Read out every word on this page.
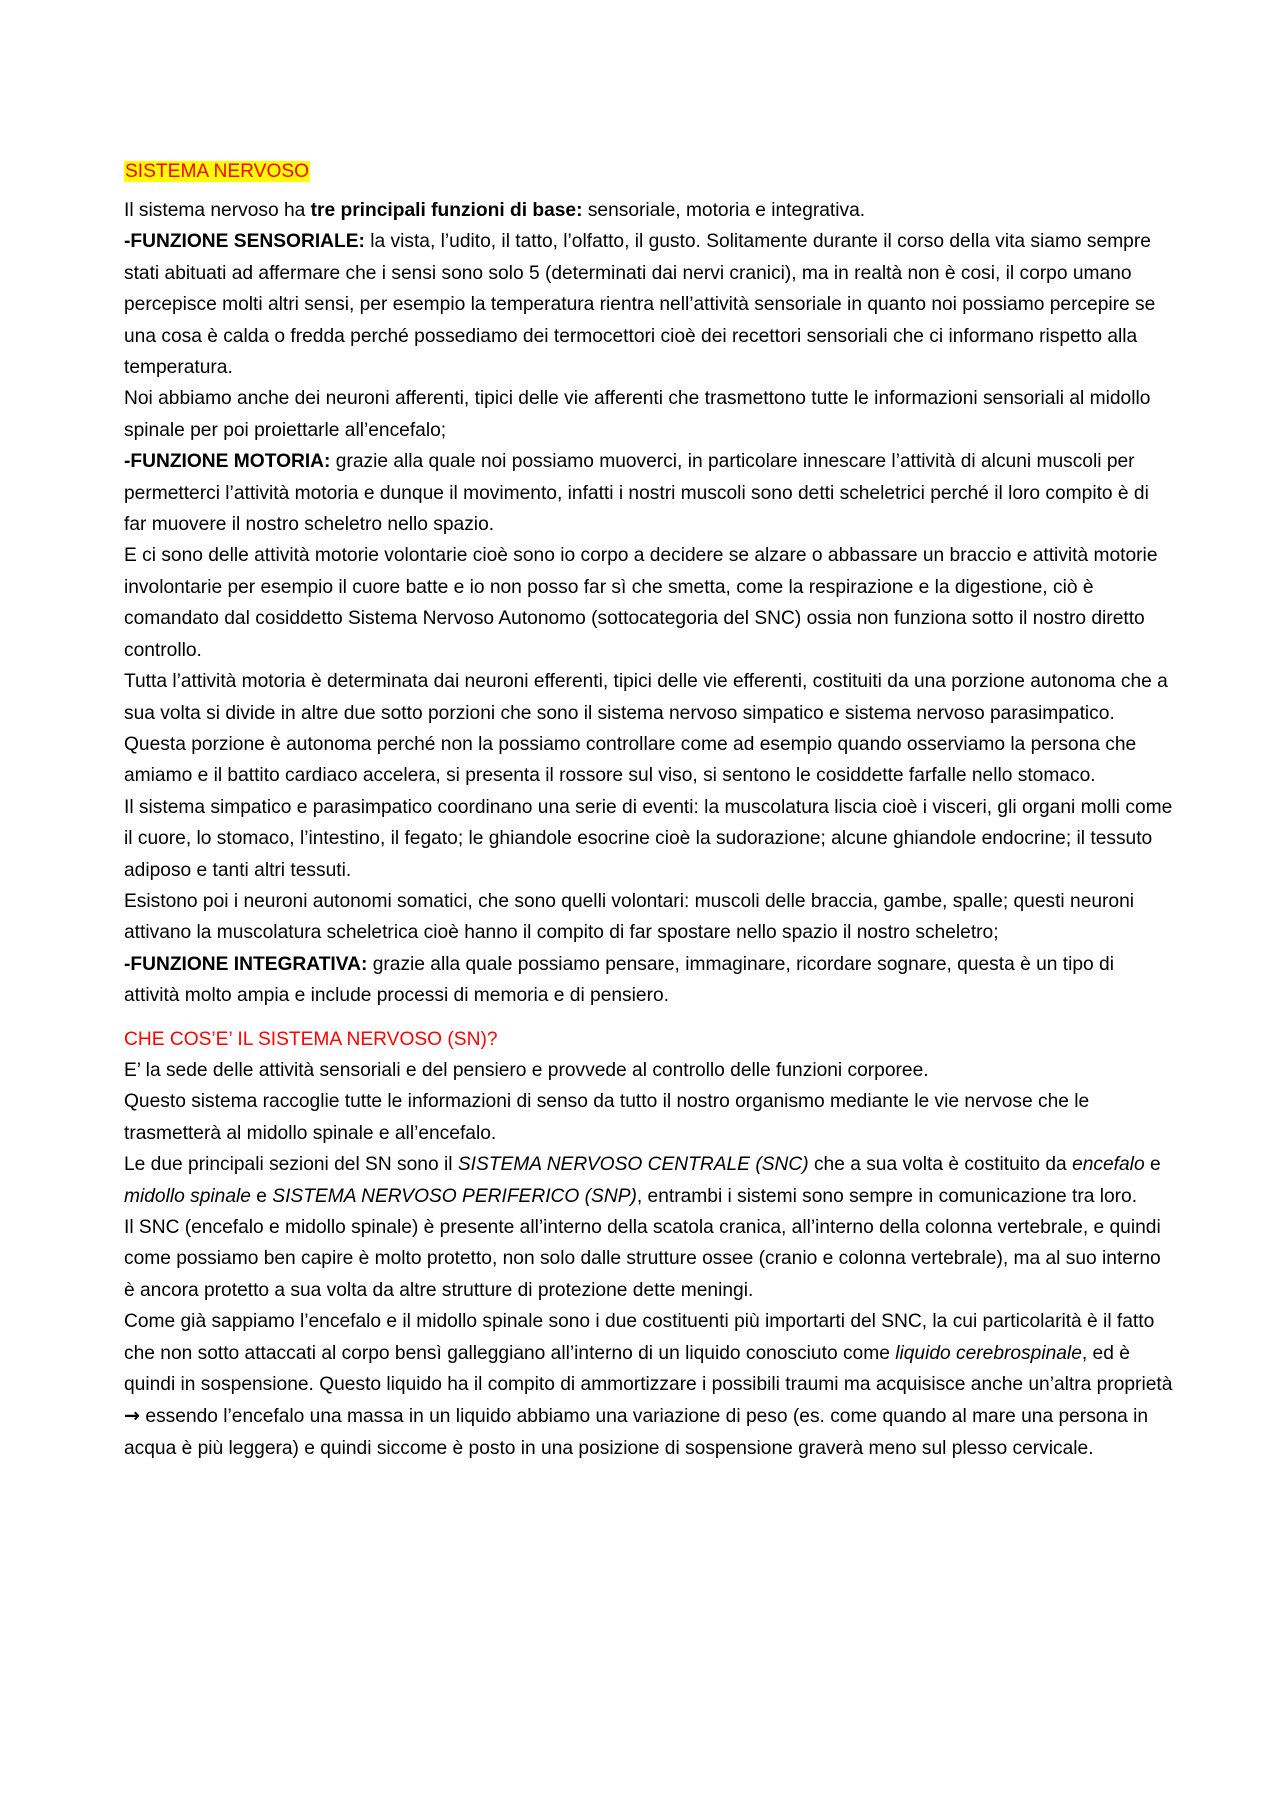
SISTEMA NERVOSO

Il sistema nervoso ha tre principali funzioni di base: sensoriale, motoria e integrativa.

-FUNZIONE SENSORIALE: la vista, l’udito, il tatto, l’olfatto, il gusto. Solitamente durante il corso della vita siamo sempre stati abituati ad affermare che i sensi sono solo 5 (determinati dai nervi cranici), ma in realtà non è cosi, il corpo umano percepisce molti altri sensi, per esempio la temperatura rientra nell’attività sensoriale in quanto noi possiamo percepire se una cosa è calda o fredda perché possediamo dei termocettori cioè dei recettori sensoriali che ci informano rispetto alla temperatura.

Noi abbiamo anche dei neuroni afferenti, tipici delle vie afferenti che trasmettono tutte le informazioni sensoriali al midollo spinale per poi proiettarle all’encefalo;

-FUNZIONE MOTORIA: grazie alla quale noi possiamo muoverci, in particolare innescare l’attività di alcuni muscoli per permetterci l’attività motoria e dunque il movimento, infatti i nostri muscoli sono detti scheletrici perché il loro compito è di far muovere il nostro scheletro nello spazio.

E ci sono delle attività motorie volontarie cioè sono io corpo a decidere se alzare o abbassare un braccio e attività motorie involontarie per esempio il cuore batte e io non posso far sì che smetta, come la respirazione e la digestione, ciò è comandato dal cosiddetto Sistema Nervoso Autonomo (sottocategoria del SNC) ossia non funziona sotto il nostro diretto controllo.

Tutta l’attività motoria è determinata dai neuroni efferenti, tipici delle vie efferenti, costituiti da una porzione autonoma che a sua volta si divide in altre due sotto porzioni che sono il sistema nervoso simpatico e sistema nervoso parasimpatico. Questa porzione è autonoma perché non la possiamo controllare come ad esempio quando osserviamo la persona che amiamo e il battito cardiaco accelera, si presenta il rossore sul viso, si sentono le cosiddette farfalle nello stomaco.

Il sistema simpatico e parasimpatico coordinano una serie di eventi: la muscolatura liscia cioè i visceri, gli organi molli come il cuore, lo stomaco, l’intestino, il fegato; le ghiandole esocrine cioè la sudorazione; alcune ghiandole endocrine; il tessuto adiposo e tanti altri tessuti.

Esistono poi i neuroni autonomi somatici, che sono quelli volontari: muscoli delle braccia, gambe, spalle; questi neuroni attivano la muscolatura scheletrica cioè hanno il compito di far spostare nello spazio il nostro scheletro;

-FUNZIONE INTEGRATIVA: grazie alla quale possiamo pensare, immaginare, ricordare sognare, questa è un tipo di attività molto ampia e include processi di memoria e di pensiero.

CHE COS’E’ IL SISTEMA NERVOSO (SN)?

E’ la sede delle attività sensoriali e del pensiero e provvede al controllo delle funzioni corporee.

Questo sistema raccoglie tutte le informazioni di senso da tutto il nostro organismo mediante le vie nervose che le trasmetterà al midollo spinale e all’encefalo.

Le due principali sezioni del SN sono il SISTEMA NERVOSO CENTRALE (SNC) che a sua volta è costituito da encefalo e midollo spinale e SISTEMA NERVOSO PERIFERICO (SNP), entrambi i sistemi sono sempre in comunicazione tra loro.

Il SNC (encefalo e midollo spinale) è presente all’interno della scatola cranica, all’interno della colonna vertebrale, e quindi come possiamo ben capire è molto protetto, non solo dalle strutture ossee (cranio e colonna vertebrale), ma al suo interno è ancora protetto a sua volta da altre strutture di protezione dette meningi.

Come già sappiamo l’encefalo e il midollo spinale sono i due costituenti più importarti del SNC, la cui particolarità è il fatto che non sotto attaccati al corpo bensì galleggiano all’interno di un liquido conosciuto come liquido cerebrospinale, ed è quindi in sospensione. Questo liquido ha il compito di ammortizzare i possibili traumi ma acquisisce anche un’altra proprietà → essendo l’encefalo una massa in un liquido abbiamo una variazione di peso (es. come quando al mare una persona in acqua è più leggera) e quindi siccome è posto in una posizione di sospensione graverà meno sul plesso cervicale.
